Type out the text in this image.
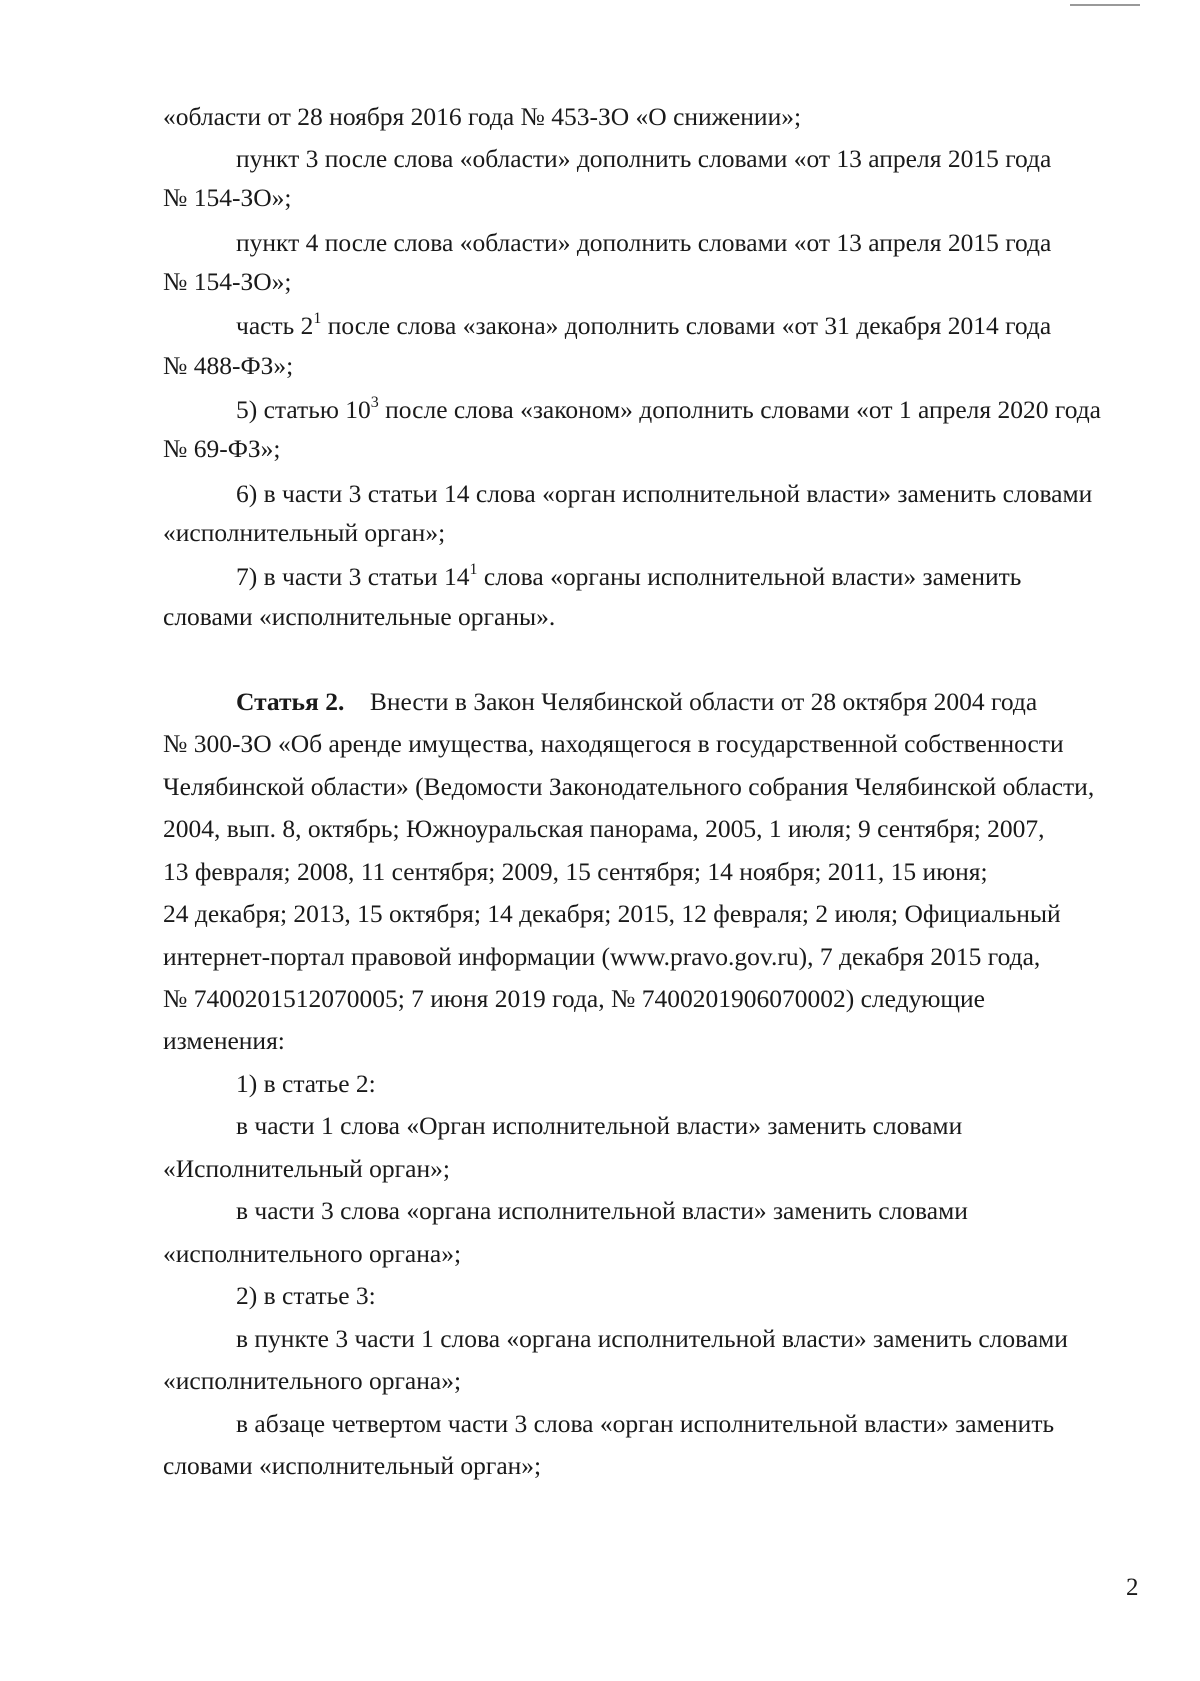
«области от 28 ноября 2016 года № 453-ЗО «О снижении»;
пункт 3 после слова «области» дополнить словами «от 13 апреля 2015 года
№ 154-ЗО»;
пункт 4 после слова «области» дополнить словами «от 13 апреля 2015 года
№ 154-ЗО»;
часть $2^1$ после слова «закона» дополнить словами «от 31 декабря 2014 года
№ 488-ФЗ»;
5) статью $10^3$ после слова «законом» дополнить словами «от 1 апреля 2020 года
№ 69-ФЗ»;
6) в части 3 статьи 14 слова «орган исполнительной власти» заменить словами
«исполнительный орган»;
7) в части 3 статьи $14^1$ слова «органы исполнительной власти» заменить
словами «исполнительные органы».
Статья 2. Внести в Закон Челябинской области от 28 октября 2004 года
№ 300-ЗО «Об аренде имущества, находящегося в государственной собственности
Челябинской области» (Ведомости Законодательного собрания Челябинской области,
2004, вып. 8, октябрь; Южноуральская панорама, 2005, 1 июля; 9 сентября; 2007,
13 февраля; 2008, 11 сентября; 2009, 15 сентября; 14 ноября; 2011, 15 июня;
24 декабря; 2013, 15 октября; 14 декабря; 2015, 12 февраля; 2 июля; Официальный
интернет-портал правовой информации (www.pravo.gov.ru), 7 декабря 2015 года,
№ 7400201512070005; 7 июня 2019 года, № 7400201906070002) следующие
изменения:
1) в статье 2:
в части 1 слова «Орган исполнительной власти» заменить словами
«Исполнительный орган»;
в части 3 слова «органа исполнительной власти» заменить словами
«исполнительного органа»;
2) в статье 3:
в пункте 3 части 1 слова «органа исполнительной власти» заменить словами
«исполнительного органа»;
в абзаце четвертом части 3 слова «орган исполнительной власти» заменить
словами «исполнительный орган»;
2
